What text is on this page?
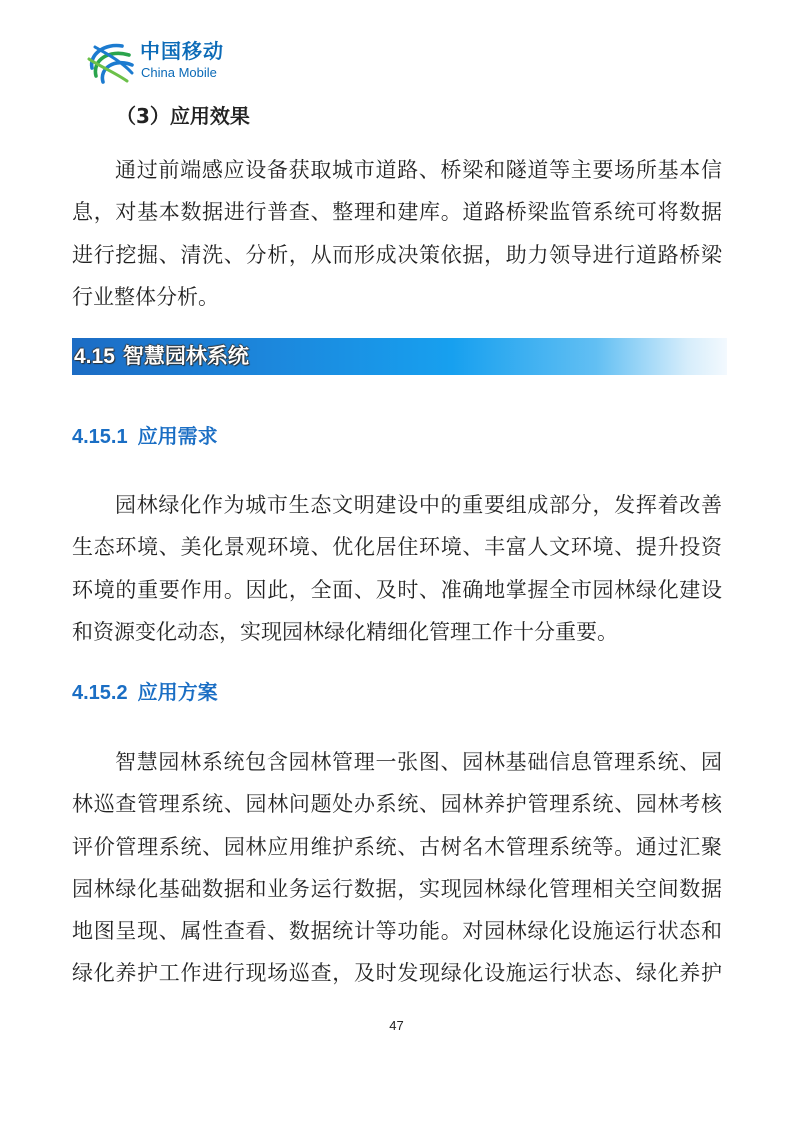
中国移动
China Mobile
（3）应用效果
通过前端感应设备获取城市道路、桥梁和隧道等主要场所基本信
息，对基本数据进行普查、整理和建库。道路桥梁监管系统可将数据
进行挖掘、清洗、分析，从而形成决策依据，助力领导进行道路桥梁
行业整体分析。
4.15 智慧园林系统
4.15.1 应用需求
园林绿化作为城市生态文明建设中的重要组成部分，发挥着改善
生态环境、美化景观环境、优化居住环境、丰富人文环境、提升投资
环境的重要作用。因此，全面、及时、准确地掌握全市园林绿化建设
和资源变化动态，实现园林绿化精细化管理工作十分重要。
4.15.2 应用方案
智慧园林系统包含园林管理一张图、园林基础信息管理系统、园
林巡查管理系统、园林问题处办系统、园林养护管理系统、园林考核
评价管理系统、园林应用维护系统、古树名木管理系统等。通过汇聚
园林绿化基础数据和业务运行数据，实现园林绿化管理相关空间数据
地图呈现、属性查看、数据统计等功能。对园林绿化设施运行状态和
绿化养护工作进行现场巡查，及时发现绿化设施运行状态、绿化养护
47
